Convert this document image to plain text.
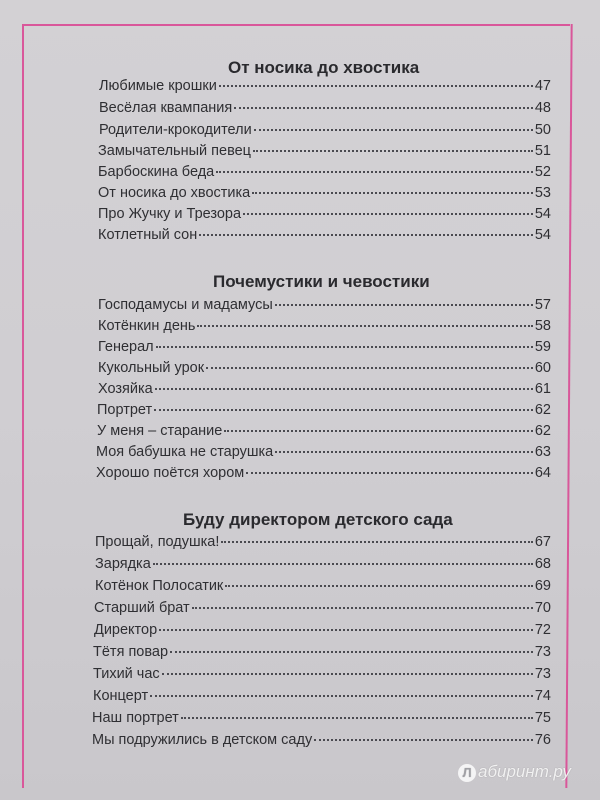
От носика до хвостика
Любимые крошки	47
Весёлая квампания	48
Родители-крокодители	50
Замычательный певец	51
Барбоскина беда	52
От носика до хвостика	53
Про Жучку и Трезора	54
Котлетный сон	54
Почемустики и чевостики
Господамусы и мадамусы	57
Котёнкин день	58
Генерал	59
Кукольный урок	60
Хозяйка	61
Портрет	62
У меня – старание	62
Моя бабушка не старушка	63
Хорошо поётся хором	64
Буду директором детского сада
Прощай, подушка!	67
Зарядка	68
Котёнок Полосатик	69
Старший брат	70
Директор	72
Тётя повар	73
Тихий час	73
Концерт	74
Наш портрет	75
Мы подружились в детском саду	76
Л абиринт.ру
